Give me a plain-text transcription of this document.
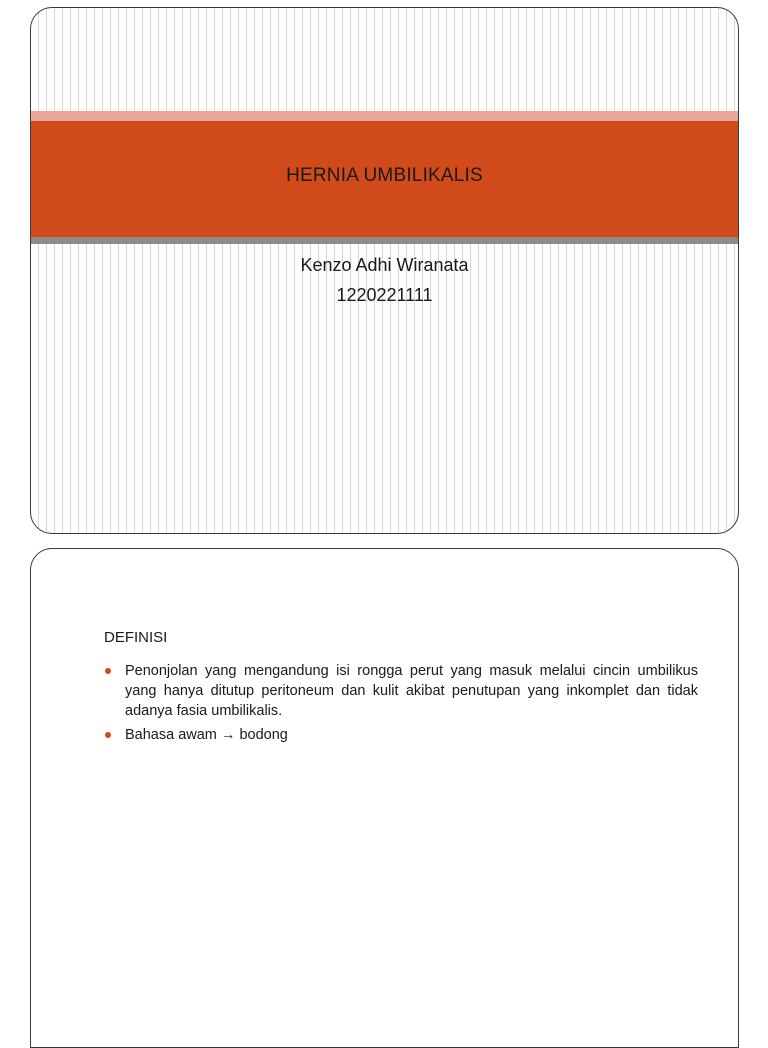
HERNIA UMBILIKALIS
Kenzo Adhi Wiranata
1220221111
DEFINISI
Penonjolan yang mengandung isi rongga perut yang masuk melalui cincin umbilikus yang hanya ditutup peritoneum dan kulit akibat penutupan yang inkomplet dan tidak adanya fasia umbilikalis.
Bahasa awam → bodong
